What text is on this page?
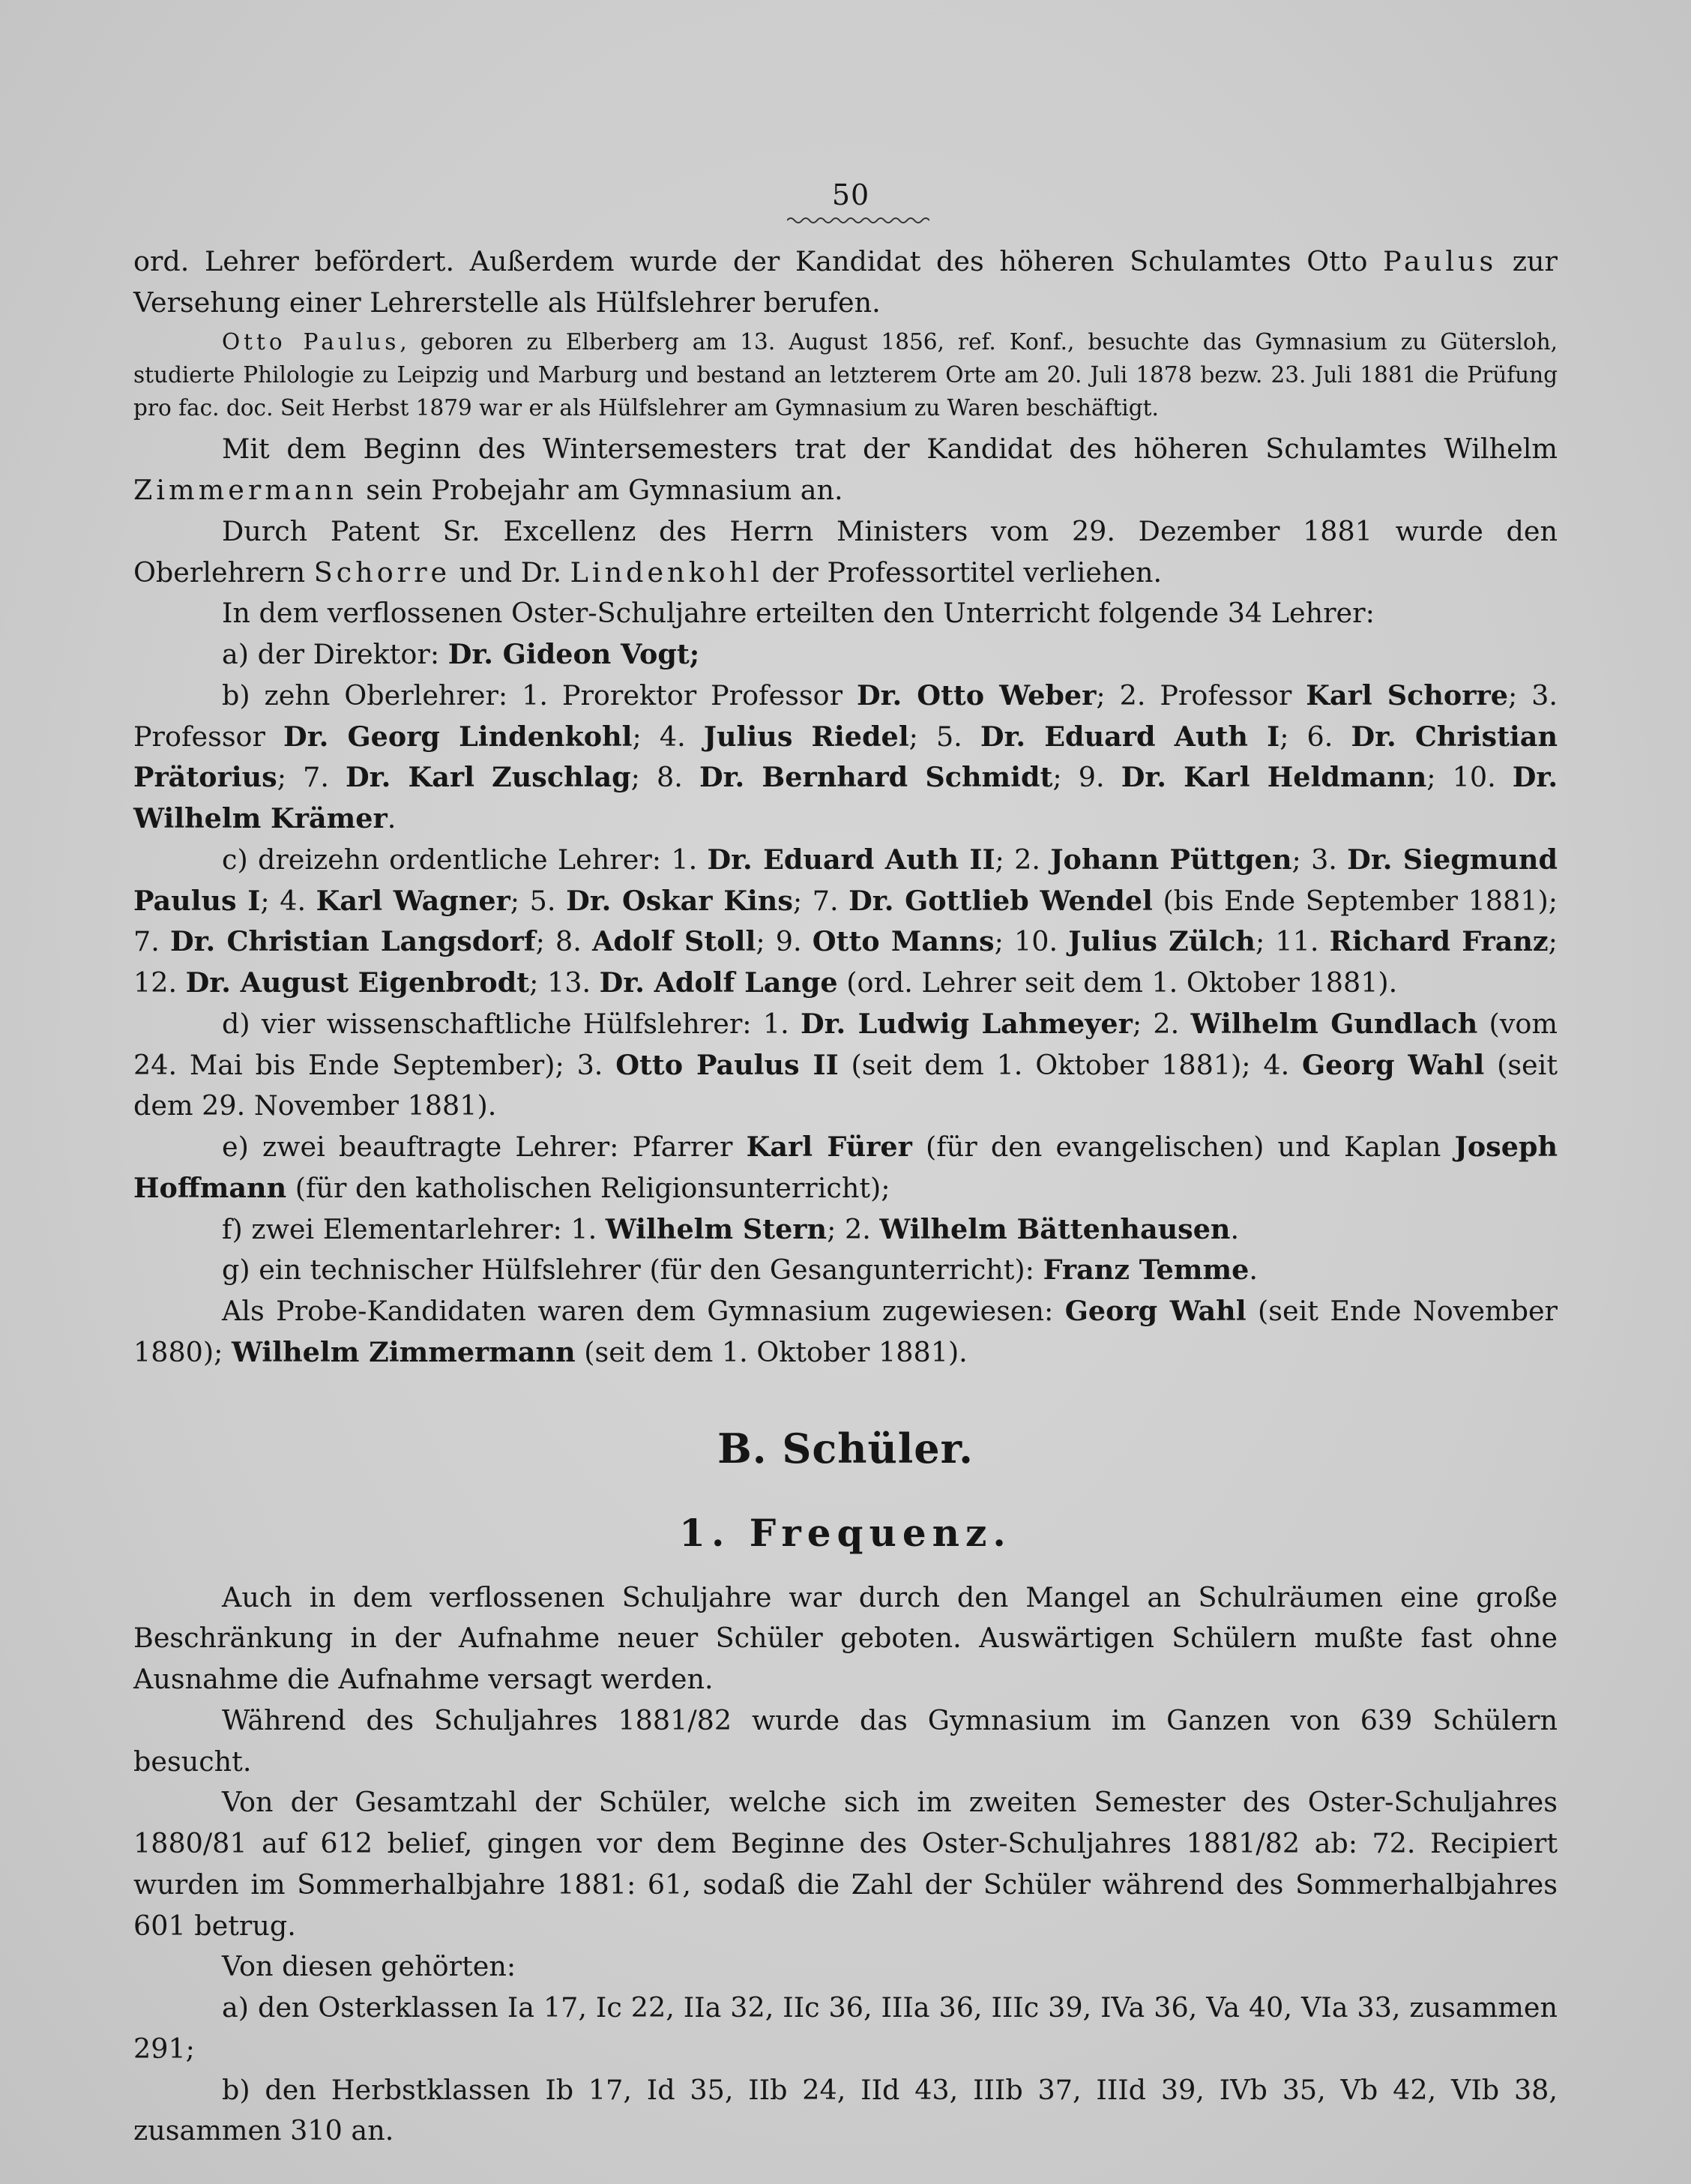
50

ord. Lehrer befördert. Außerdem wurde der Kandidat des höheren Schulamtes Otto Paulus zur Versehung einer Lehrerstelle als Hülfslehrer berufen.

Otto Paulus, geboren zu Elberberg am 13. August 1856, ref. Konf., besuchte das Gymnasium zu Gütersloh, studierte Philologie zu Leipzig und Marburg und bestand an letzterem Orte am 20. Juli 1878 bezw. 23. Juli 1881 die Prüfung pro fac. doc. Seit Herbst 1879 war er als Hülfslehrer am Gymnasium zu Waren beschäftigt.

Mit dem Beginn des Wintersemesters trat der Kandidat des höheren Schulamtes Wilhelm Zimmermann sein Probejahr am Gymnasium an.

Durch Patent Sr. Excellenz des Herrn Ministers vom 29. Dezember 1881 wurde den Oberlehrern Schorre und Dr. Lindenkohl der Professortitel verliehen.

In dem verflossenen Oster-Schuljahre erteilten den Unterricht folgende 34 Lehrer:

a) der Direktor: Dr. Gideon Vogt;

b) zehn Oberlehrer: 1. Prorektor Professor Dr. Otto Weber; 2. Professor Karl Schorre; 3. Professor Dr. Georg Lindenkohl; 4. Julius Riedel; 5. Dr. Eduard Auth I; 6. Dr. Christian Prätorius; 7. Dr. Karl Zuschlag; 8. Dr. Bernhard Schmidt; 9. Dr. Karl Heldmann; 10. Dr. Wilhelm Krämer.

c) dreizehn ordentliche Lehrer: 1. Dr. Eduard Auth II; 2. Johann Püttgen; 3. Dr. Siegmund Paulus I; 4. Karl Wagner; 5. Dr. Oskar Kins; 7. Dr. Gottlieb Wendel (bis Ende September 1881); 7. Dr. Christian Langsdorf; 8. Adolf Stoll; 9. Otto Manns; 10. Julius Zülch; 11. Richard Franz; 12. Dr. August Eigenbrodt; 13. Dr. Adolf Lange (ord. Lehrer seit dem 1. Oktober 1881).

d) vier wissenschaftliche Hülfslehrer: 1. Dr. Ludwig Lahmeyer; 2. Wilhelm Gundlach (vom 24. Mai bis Ende September); 3. Otto Paulus II (seit dem 1. Oktober 1881); 4. Georg Wahl (seit dem 29. November 1881).

e) zwei beauftragte Lehrer: Pfarrer Karl Fürer (für den evangelischen) und Kaplan Joseph Hoffmann (für den katholischen Religionsunterricht);

f) zwei Elementarlehrer: 1. Wilhelm Stern; 2. Wilhelm Bättenhausen.

g) ein technischer Hülfslehrer (für den Gesangunterricht): Franz Temme.

Als Probe-Kandidaten waren dem Gymnasium zugewiesen: Georg Wahl (seit Ende November 1880); Wilhelm Zimmermann (seit dem 1. Oktober 1881).

B. Schüler.
1. Frequenz.

Auch in dem verflossenen Schuljahre war durch den Mangel an Schulräumen eine große Beschränkung in der Aufnahme neuer Schüler geboten. Auswärtigen Schülern mußte fast ohne Ausnahme die Aufnahme versagt werden.

Während des Schuljahres 1881/82 wurde das Gymnasium im Ganzen von 639 Schülern besucht.

Von der Gesamtzahl der Schüler, welche sich im zweiten Semester des Oster-Schuljahres 1880/81 auf 612 belief, gingen vor dem Beginne des Oster-Schuljahres 1881/82 ab: 72. Recipiert wurden im Sommerhalbjahre 1881: 61, sodaß die Zahl der Schüler während des Sommerhalbjahres 601 betrug.

Von diesen gehörten:

a) den Osterklassen Ia 17, Ic 22, IIa 32, IIc 36, IIIa 36, IIIc 39, IVa 36, Va 40, VIa 33, zusammen 291;

b) den Herbstklassen Ib 17, Id 35, IIb 24, IId 43, IIIb 37, IIId 39, IVb 35, Vb 42, VIb 38, zusammen 310 an.
